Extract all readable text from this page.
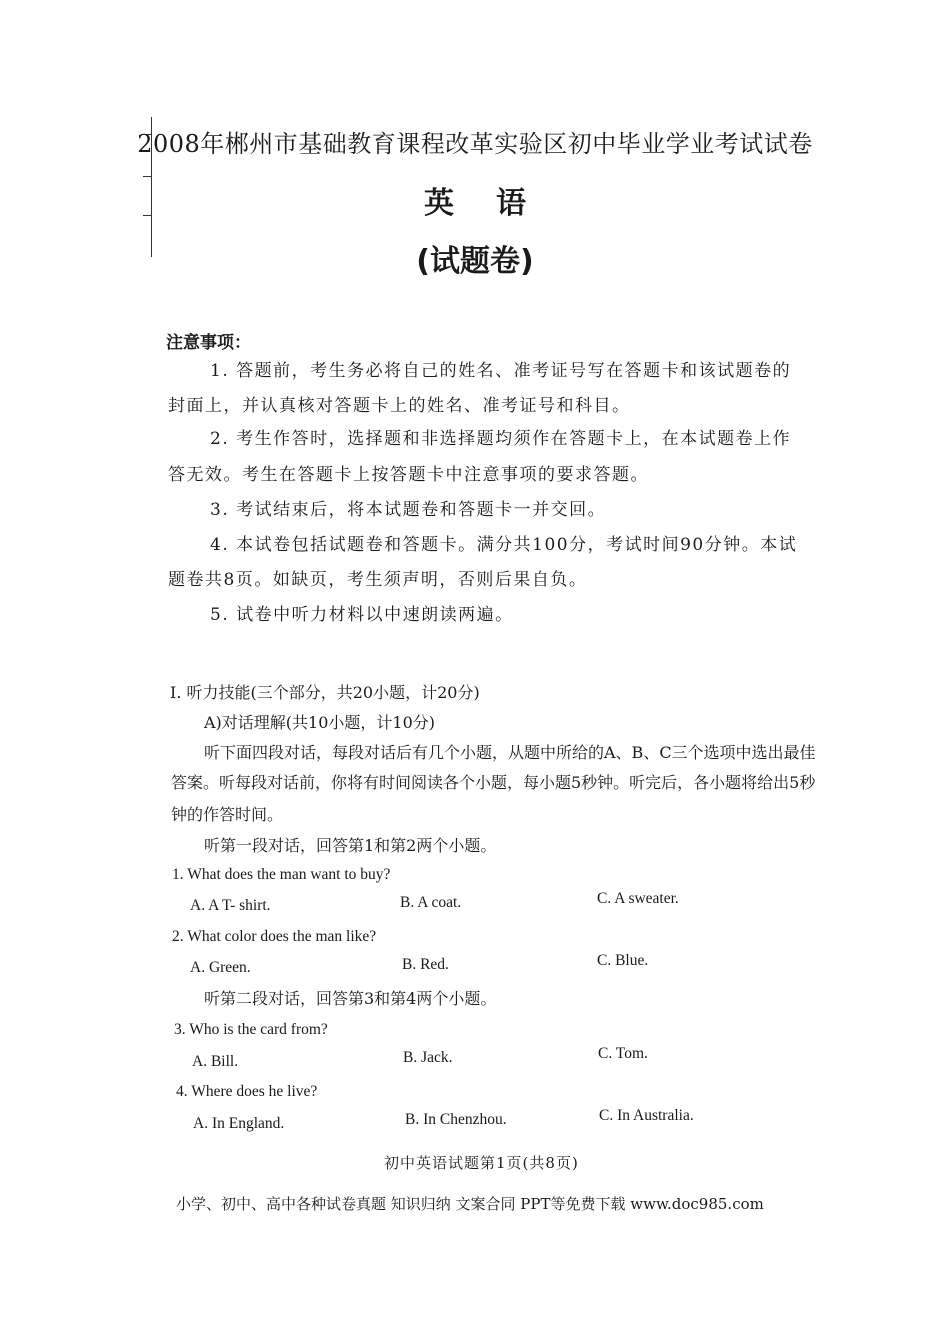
2008年郴州市基础教育课程改革实验区初中毕业学业考试试卷
英语
(试题卷)
注意事项：
1. 答题前，考生务必将自己的姓名、准考证号写在答题卡和该试题卷的
封面上，并认真核对答题卡上的姓名、准考证号和科目。
2. 考生作答时，选择题和非选择题均须作在答题卡上，在本试题卷上作
答无效。考生在答题卡上按答题卡中注意事项的要求答题。
3. 考试结束后，将本试题卷和答题卡一并交回。
4. 本试卷包括试题卷和答题卡。满分共100分，考试时间90分钟。本试
题卷共8页。如缺页，考生须声明，否则后果自负。
5. 试卷中听力材料以中速朗读两遍。
Ⅰ. 听力技能(三个部分，共20小题，计20分)
A)对话理解(共10小题，计10分)
听下面四段对话，每段对话后有几个小题，从题中所给的A、B、C三个选项中选出最佳
答案。听每段对话前，你将有时间阅读各个小题，每小题5秒钟。听完后，各小题将给出5秒
钟的作答时间。
听第一段对话，回答第1和第2两个小题。
1. What does the man want to buy?
A. A T- shirt.	B. A coat.	C. A sweater.
2. What color does the man like?
A. Green.	B. Red.	C. Blue.
听第二段对话，回答第3和第4两个小题。
3. Who is the card from?
A. Bill.	B. Jack.	C. Tom.
4. Where does he live?
A. In England.	B. In Chenzhou.	C. In Australia.
初中英语试题第1页(共8页)
小学、初中、高中各种试卷真题 知识归纳 文案合同 PPT等免费下载 www.doc985.com
